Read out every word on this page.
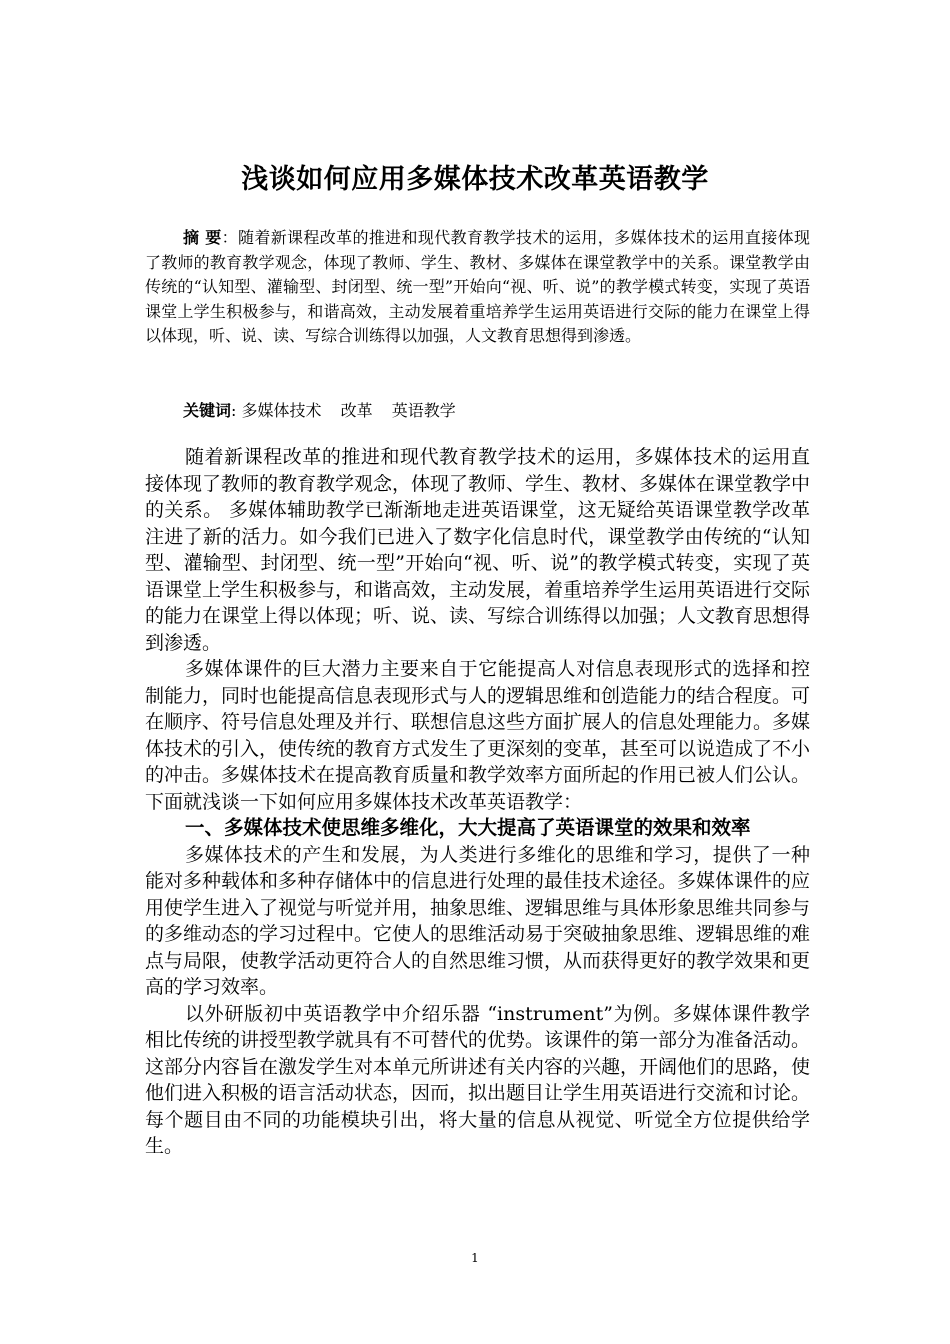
浅谈如何应用多媒体技术改革英语教学
摘 要：随着新课程改革的推进和现代教育教学技术的运用，多媒体技术的运用直接体现了教师的教育教学观念，体现了教师、学生、教材、多媒体在课堂教学中的关系。课堂教学由传统的“认知型、灌输型、封闭型、统一型”开始向“视、听、说”的教学模式转变，实现了英语课堂上学生积极参与，和谐高效，主动发展着重培养学生运用英语进行交际的能力在课堂上得以体现，听、说、读、写综合训练得以加强，人文教育思想得到渗透。
关键词: 多媒体技术 改革 英语教学

随着新课程改革的推进和现代教育教学技术的运用，多媒体技术的运用直接体现了教师的教育教学观念，体现了教师、学生、教材、多媒体在课堂教学中的关系。 多媒体辅助教学已渐渐地走进英语课堂，这无疑给英语课堂教学改革注进了新的活力。如今我们已进入了数字化信息时代，课堂教学由传统的“认知型、灌输型、封闭型、统一型”开始向“视、听、说”的教学模式转变，实现了英语课堂上学生积极参与，和谐高效，主动发展，着重培养学生运用英语进行交际的能力在课堂上得以体现；听、说、读、写综合训练得以加强；人文教育思想得到渗透。

多媒体课件的巨大潜力主要来自于它能提高人对信息表现形式的选择和控制能力，同时也能提高信息表现形式与人的逻辑思维和创造能力的结合程度。可在顺序、符号信息处理及并行、联想信息这些方面扩展人的信息处理能力。多媒体技术的引入，使传统的教育方式发生了更深刻的变革，甚至可以说造成了不小的冲击。多媒体技术在提高教育质量和教学效率方面所起的作用已被人们公认。下面就浅谈一下如何应用多媒体技术改革英语教学：

一、多媒体技术使思维多维化，大大提高了英语课堂的效果和效率

多媒体技术的产生和发展，为人类进行多维化的思维和学习，提供了一种能对多种载体和多种存储体中的信息进行处理的最佳技术途径。多媒体课件的应用使学生进入了视觉与听觉并用，抽象思维、逻辑思维与具体形象思维共同参与的多维动态的学习过程中。它使人的思维活动易于突破抽象思维、逻辑思维的难点与局限，使教学活动更符合人的自然思维习惯，从而获得更好的教学效果和更高的学习效率。

以外研版初中英语教学中介绍乐器 “instrument”为例。多媒体课件教学相比传统的讲授型教学就具有不可替代的优势。该课件的第一部分为准备活动。这部分内容旨在激发学生对本单元所讲述有关内容的兴趣，开阔他们的思路，使他们进入积极的语言活动状态，因而，拟出题目让学生用英语进行交流和讨论。每个题目由不同的功能模块引出，将大量的信息从视觉、听觉全方位提供给学生。

1
